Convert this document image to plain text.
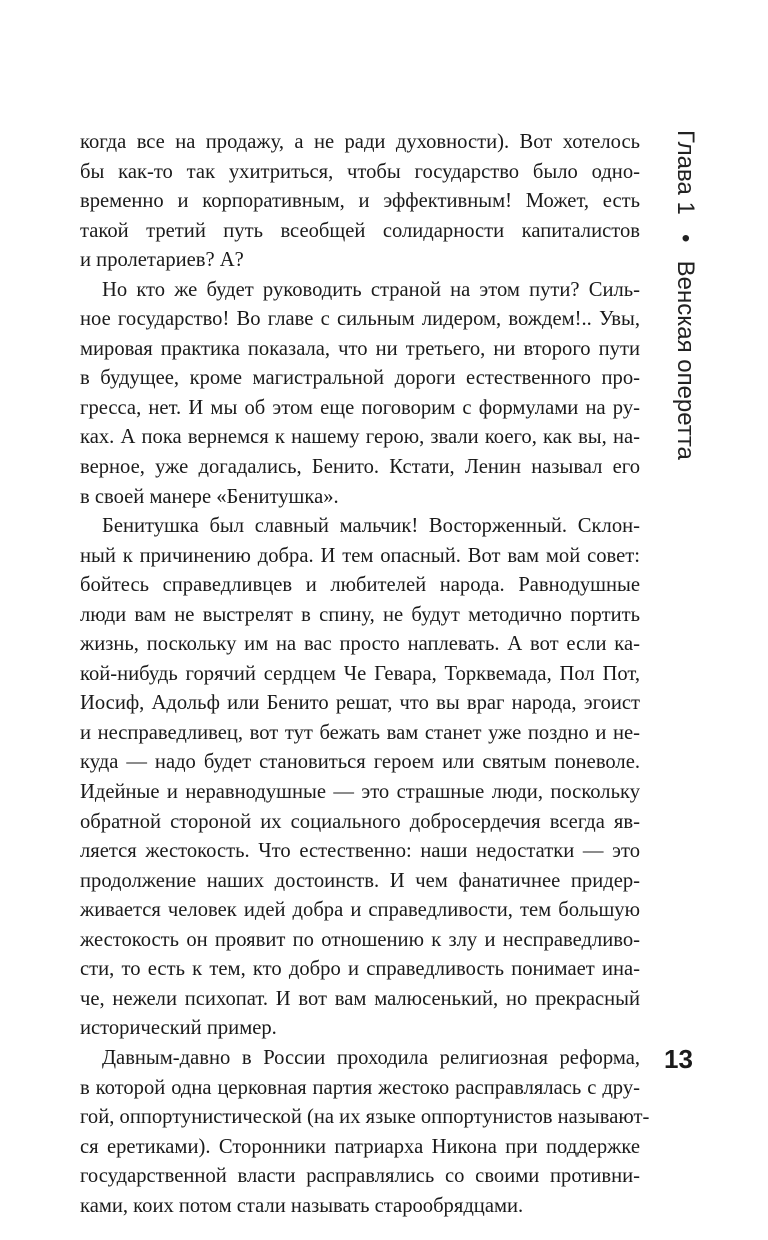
когда все на продажу, а не ради духовности). Вот хотелось
бы как-то так ухитриться, чтобы государство было одно-
временно и корпоративным, и эффективным! Может, есть
такой третий путь всеобщей солидарности капиталистов
и пролетариев? А?

Но кто же будет руководить страной на этом пути? Силь-
ное государство! Во главе с сильным лидером, вождем!.. Увы,
мировая практика показала, что ни третьего, ни второго пути
в будущее, кроме магистральной дороги естественного про-
гресса, нет. И мы об этом еще поговорим с формулами на ру-
ках. А пока вернемся к нашему герою, звали коего, как вы, на-
верное, уже догадались, Бенито. Кстати, Ленин называл его
в своей манере «Бенитушка».

Бенитушка был славный мальчик! Восторженный. Склон-
ный к причинению добра. И тем опасный. Вот вам мой совет:
бойтесь справедливцев и любителей народа. Равнодушные
люди вам не выстрелят в спину, не будут методично портить
жизнь, поскольку им на вас просто наплевать. А вот если ка-
кой-нибудь горячий сердцем Че Гевара, Торквемада, Пол Пот,
Иосиф, Адольф или Бенито решат, что вы враг народа, эгоист
и несправедливец, вот тут бежать вам станет уже поздно и не-
куда — надо будет становиться героем или святым поневоле.
Идейные и неравнодушные — это страшные люди, поскольку
обратной стороной их социального добросердечия всегда яв-
ляется жестокость. Что естественно: наши недостатки — это
продолжение наших достоинств. И чем фанатичнее придер-
живается человек идей добра и справедливости, тем большую
жестокость он проявит по отношению к злу и несправедливо-
сти, то есть к тем, кто добро и справедливость понимает ина-
че, нежели психопат. И вот вам малюсенький, но прекрасный
исторический пример.

Давным-давно в России проходила религиозная реформа,
в которой одна церковная партия жестоко расправлялась с дру-
гой, оппортунистической (на их языке оппортунистов называют-
ся еретиками). Сторонники патриарха Никона при поддержке
государственной власти расправлялись со своими противни-
ками, коих потом стали называть старообрядцами.

Глава 1 • Венская оперетта
13
